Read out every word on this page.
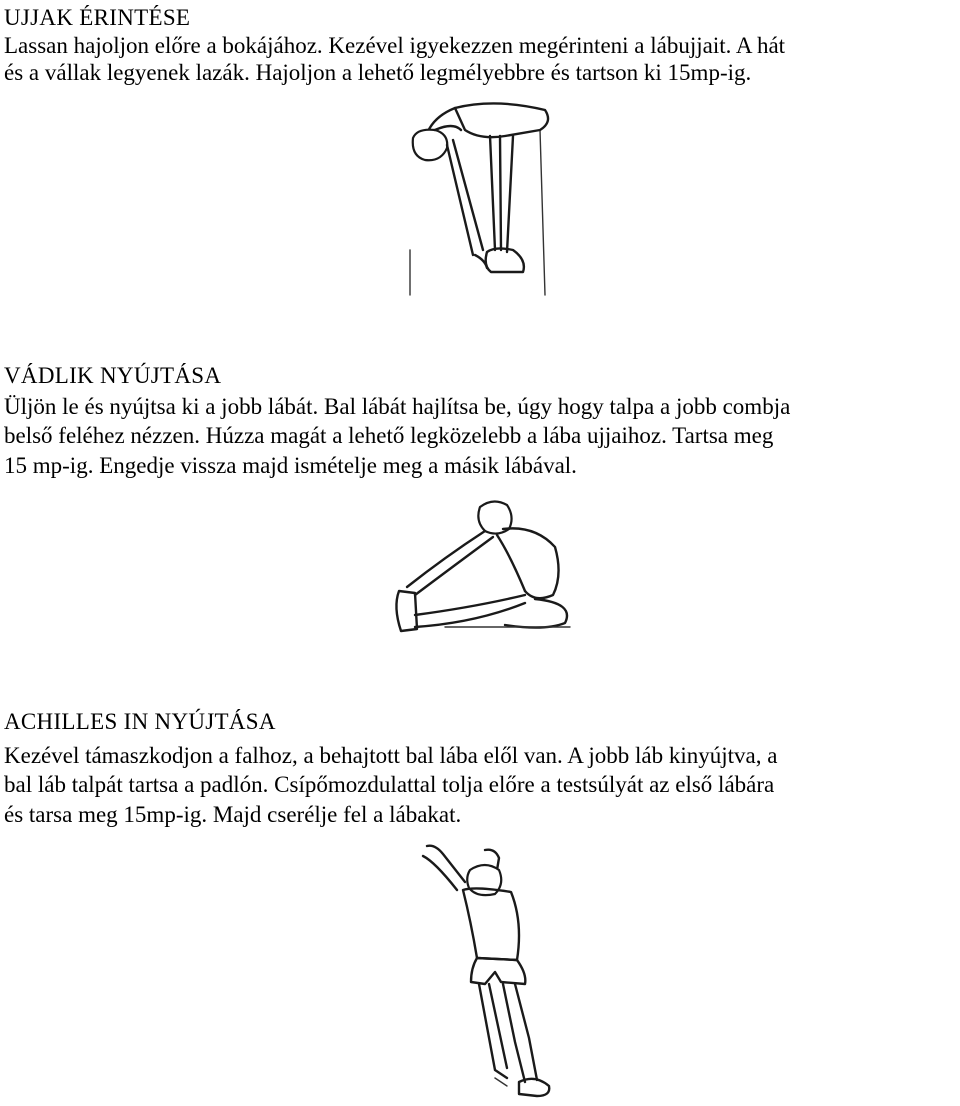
UJJAK ÉRINTÉSE

Lassan hajoljon előre a bokájához. Kezével igyekezzen megérinteni a lábujjait. A hát

és a vállak legyenek lazák. Hajoljon a lehető legmélyebbre és tartson ki 15mp-ig.

VÁDLIK NYÚJTÁSA

Üljön le és nyújtsa ki a jobb lábát. Bal lábát hajlítsa be, úgy hogy talpa a jobb combja

belső feléhez nézzen. Húzza magát a lehető legközelebb a lába ujjaihoz. Tartsa meg

15 mp-ig. Engedje vissza majd ismételje meg a másik lábával.

ACHILLES IN NYÚJTÁSA

Kezével támaszkodjon a falhoz, a behajtott bal lába elől van. A jobb láb kinyújtva, a

bal láb talpát tartsa a padlón. Csípőmozdulattal tolja előre a testsúlyát az első lábára

és tarsa meg 15mp-ig. Majd cserélje fel a lábakat.
